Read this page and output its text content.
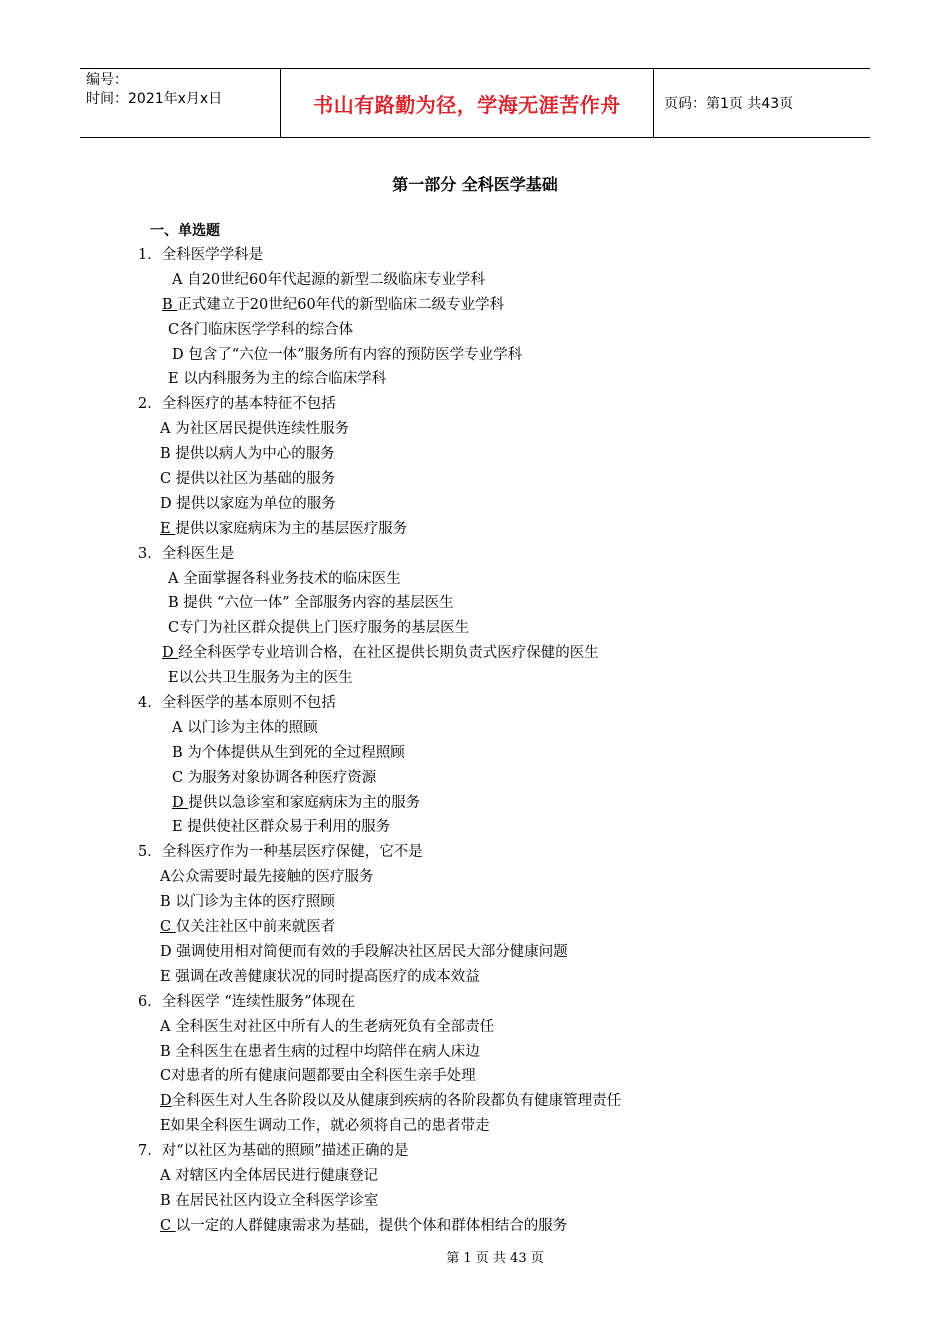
编号：
时间：2021年x月x日	书山有路勤为径，学海无涯苦作舟	页码：第1页 共43页
第一部分 全科医学基础
一、单选题
1．全科医学学科是
A 自20世纪60年代起源的新型二级临床专业学科
B 正式建立于20世纪60年代的新型临床二级专业学科
C各门临床医学学科的综合体
D 包含了“六位一体”服务所有内容的预防医学专业学科
E 以内科服务为主的综合临床学科
2．全科医疗的基本特征不包括
A 为社区居民提供连续性服务
B 提供以病人为中心的服务
C 提供以社区为基础的服务
D 提供以家庭为单位的服务
E 提供以家庭病床为主的基层医疗服务
3．全科医生是
A 全面掌握各科业务技术的临床医生
B 提供 “六位一体” 全部服务内容的基层医生
C专门为社区群众提供上门医疗服务的基层医生
D 经全科医学专业培训合格，在社区提供长期负责式医疗保健的医生
E以公共卫生服务为主的医生
4．全科医学的基本原则不包括
A 以门诊为主体的照顾
B 为个体提供从生到死的全过程照顾
C 为服务对象协调各种医疗资源
D 提供以急诊室和家庭病床为主的服务
E 提供使社区群众易于利用的服务
5．全科医疗作为一种基层医疗保健，它不是
A公众需要时最先接触的医疗服务
B 以门诊为主体的医疗照顾
C 仅关注社区中前来就医者
D 强调使用相对简便而有效的手段解决社区居民大部分健康问题
E 强调在改善健康状况的同时提高医疗的成本效益
6．全科医学 “连续性服务”体现在
A 全科医生对社区中所有人的生老病死负有全部责任
B 全科医生在患者生病的过程中均陪伴在病人床边
C对患者的所有健康问题都要由全科医生亲手处理
D全科医生对人生各阶段以及从健康到疾病的各阶段都负有健康管理责任
E如果全科医生调动工作，就必须将自己的患者带走
7．对“以社区为基础的照顾”描述正确的是
A 对辖区内全体居民进行健康登记
B 在居民社区内设立全科医学诊室
C 以一定的人群健康需求为基础，提供个体和群体相结合的服务
第 1 页 共 43 页
